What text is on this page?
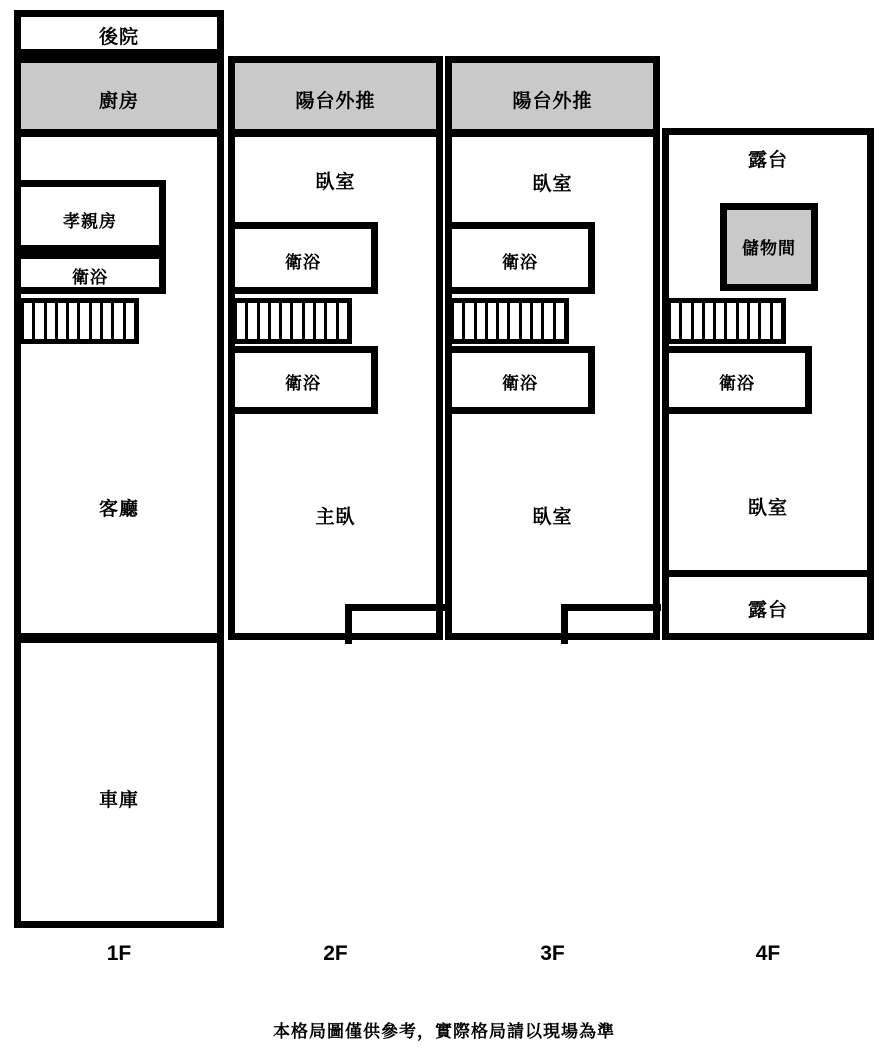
後院
廚房
孝親房
衛浴
客廳
車庫
陽台外推
臥室
衛浴
衛浴
主臥
陽台外推
臥室
衛浴
衛浴
臥室
露台
儲物間
衛浴
臥室
露台
1F	2F	3F	4F
本格局圖僅供參考，實際格局請以現場為準
